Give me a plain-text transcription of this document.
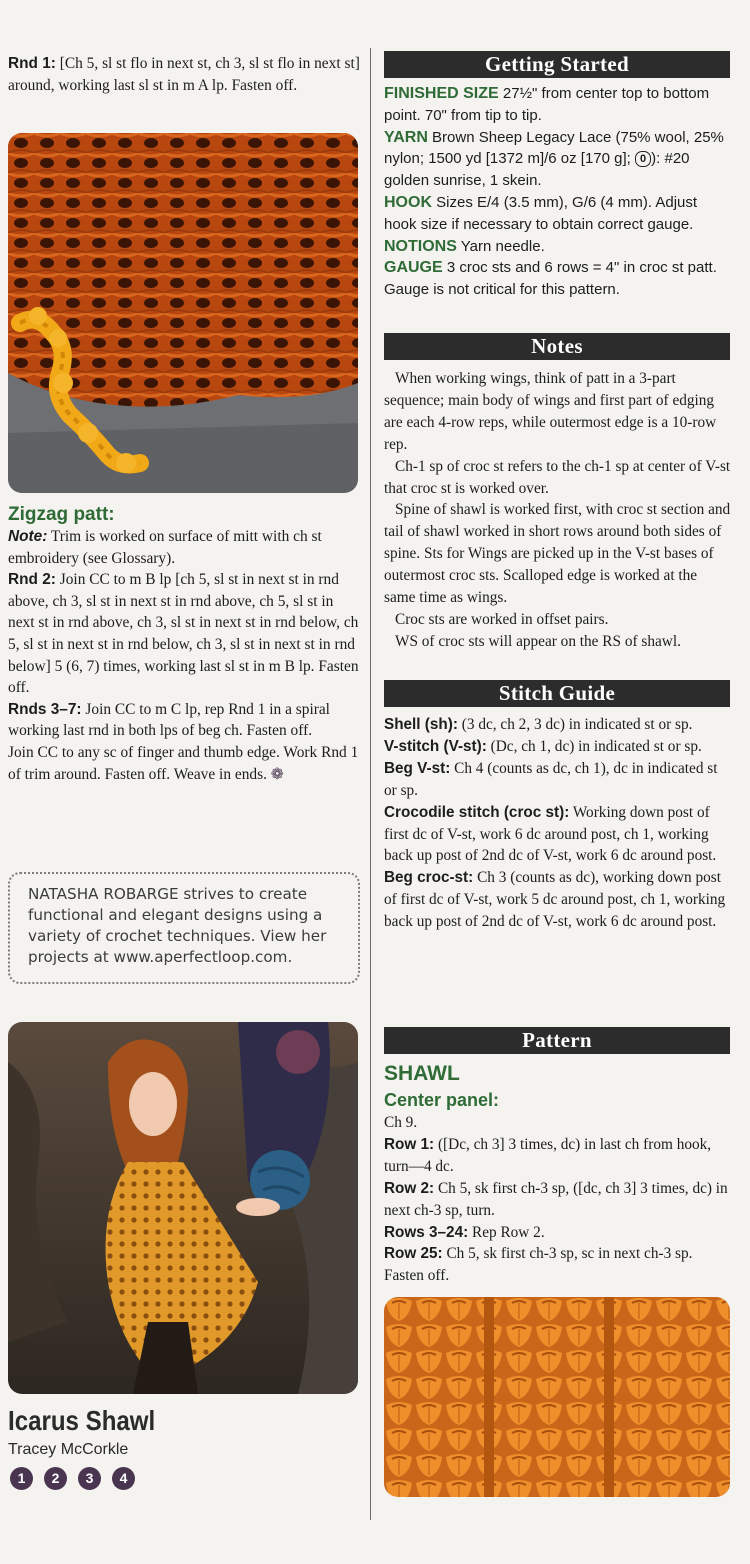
Rnd 1: [Ch 5, sl st flo in next st, ch 3, sl st flo in next st] around, working last sl st in m A lp. Fasten off.

Zigzag patt:

Note: Trim is worked on surface of mitt with ch st embroidery (see Glossary).

Rnd 2: Join CC to m B lp [ch 5, sl st in next st in rnd above, ch 3, sl st in next st in rnd above, ch 5, sl st in next st in rnd above, ch 3, sl st in next st in rnd below, ch 5, sl st in next st in rnd below, ch 3, sl st in next st in rnd below] 5 (6, 7) times, working last sl st in m B lp. Fasten off.

Rnds 3–7: Join CC to m C lp, rep Rnd 1 in a spiral working last rnd in both lps of beg ch. Fasten off.

Join CC to any sc of finger and thumb edge. Work Rnd 1 of trim around. Fasten off. Weave in ends. ❁

NATASHA ROBARGE strives to create functional and elegant designs using a variety of crochet techniques. View her projects at www.aperfectloop.com.

Icarus Shawl

Tracey McCorkle

1 2 3 4
Getting Started

FINISHED SIZE 27½" from center top to bottom point. 70" from tip to tip.

YARN Brown Sheep Legacy Lace (75% wool, 25% nylon; 1500 yd [1372 m]/6 oz [170 g]; 0 ): #20 golden sunrise, 1 skein.

HOOK Sizes E/4 (3.5 mm), G/6 (4 mm). Adjust hook size if necessary to obtain correct gauge.

NOTIONS Yarn needle.

GAUGE 3 croc sts and 6 rows = 4" in croc st patt. Gauge is not critical for this pattern.

Notes

When working wings, think of patt in a 3-part sequence; main body of wings and first part of edging are each 4-row reps, while outermost edge is a 10-row rep.

Ch-1 sp of croc st refers to the ch-1 sp at center of V-st that croc st is worked over.

Spine of shawl is worked first, with croc st section and tail of shawl worked in short rows around both sides of spine. Sts for Wings are picked up in the V-st bases of outermost croc sts. Scalloped edge is worked at the same time as wings.

Croc sts are worked in offset pairs.

WS of croc sts will appear on the RS of shawl.

Stitch Guide

Shell (sh): (3 dc, ch 2, 3 dc) in indicated st or sp.

V-stitch (V-st): (Dc, ch 1, dc) in indicated st or sp.

Beg V-st: Ch 4 (counts as dc, ch 1), dc in indicated st or sp.

Crocodile stitch (croc st): Working down post of first dc of V-st, work 6 dc around post, ch 1, working back up post of 2nd dc of V-st, work 6 dc around post.

Beg croc-st: Ch 3 (counts as dc), working down post of first dc of V-st, work 5 dc around post, ch 1, working back up post of 2nd dc of V-st, work 6 dc around post.

Pattern

SHAWL

Center panel:

Ch 9.

Row 1: ([Dc, ch 3] 3 times, dc) in last ch from hook, turn—4 dc.

Row 2: Ch 5, sk first ch-3 sp, ([dc, ch 3] 3 times, dc) in next ch-3 sp, turn.

Rows 3–24: Rep Row 2.

Row 25: Ch 5, sk first ch-3 sp, sc in next ch-3 sp. Fasten off.
